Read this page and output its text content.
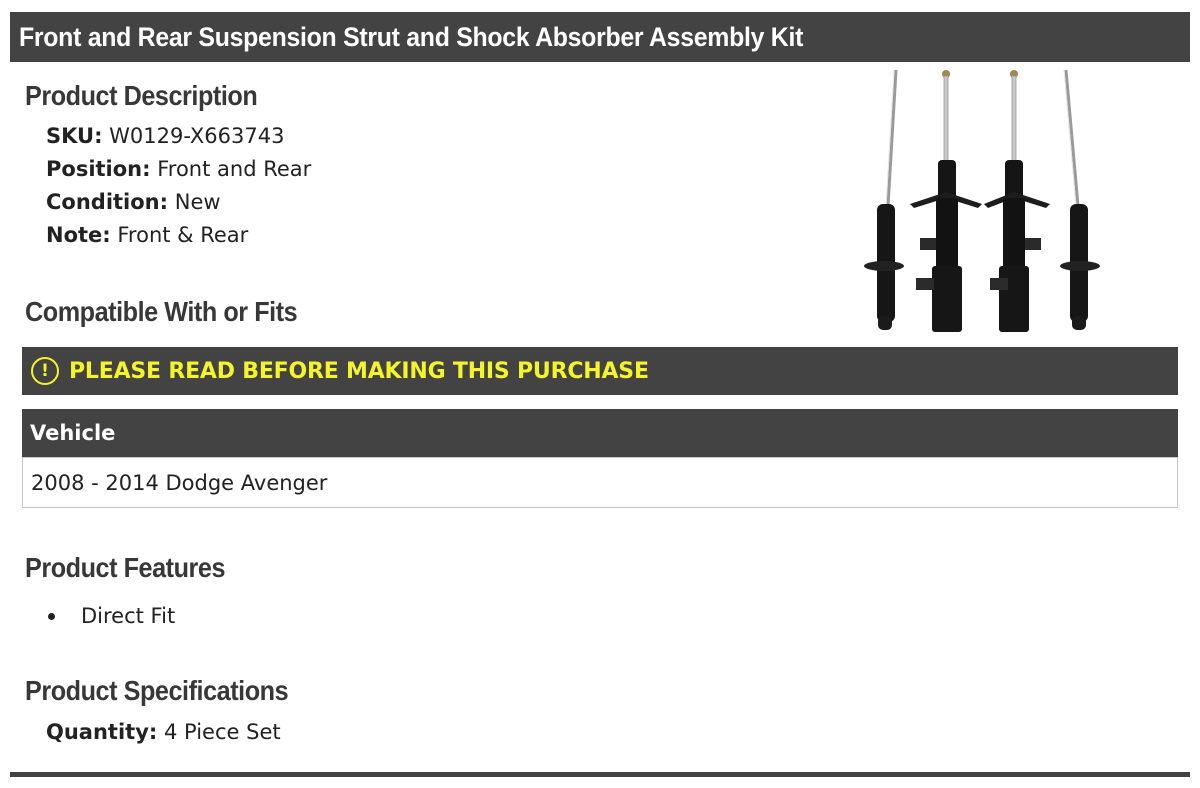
Front and Rear Suspension Strut and Shock Absorber Assembly Kit
Product Description
SKU: W0129-X663743
Position: Front and Rear
Condition: New
Note: Front & Rear
Compatible With or Fits
! PLEASE READ BEFORE MAKING THIS PURCHASE
Vehicle
2008 - 2014 Dodge Avenger
Product Features
Direct Fit
Product Specifications
Quantity: 4 Piece Set
